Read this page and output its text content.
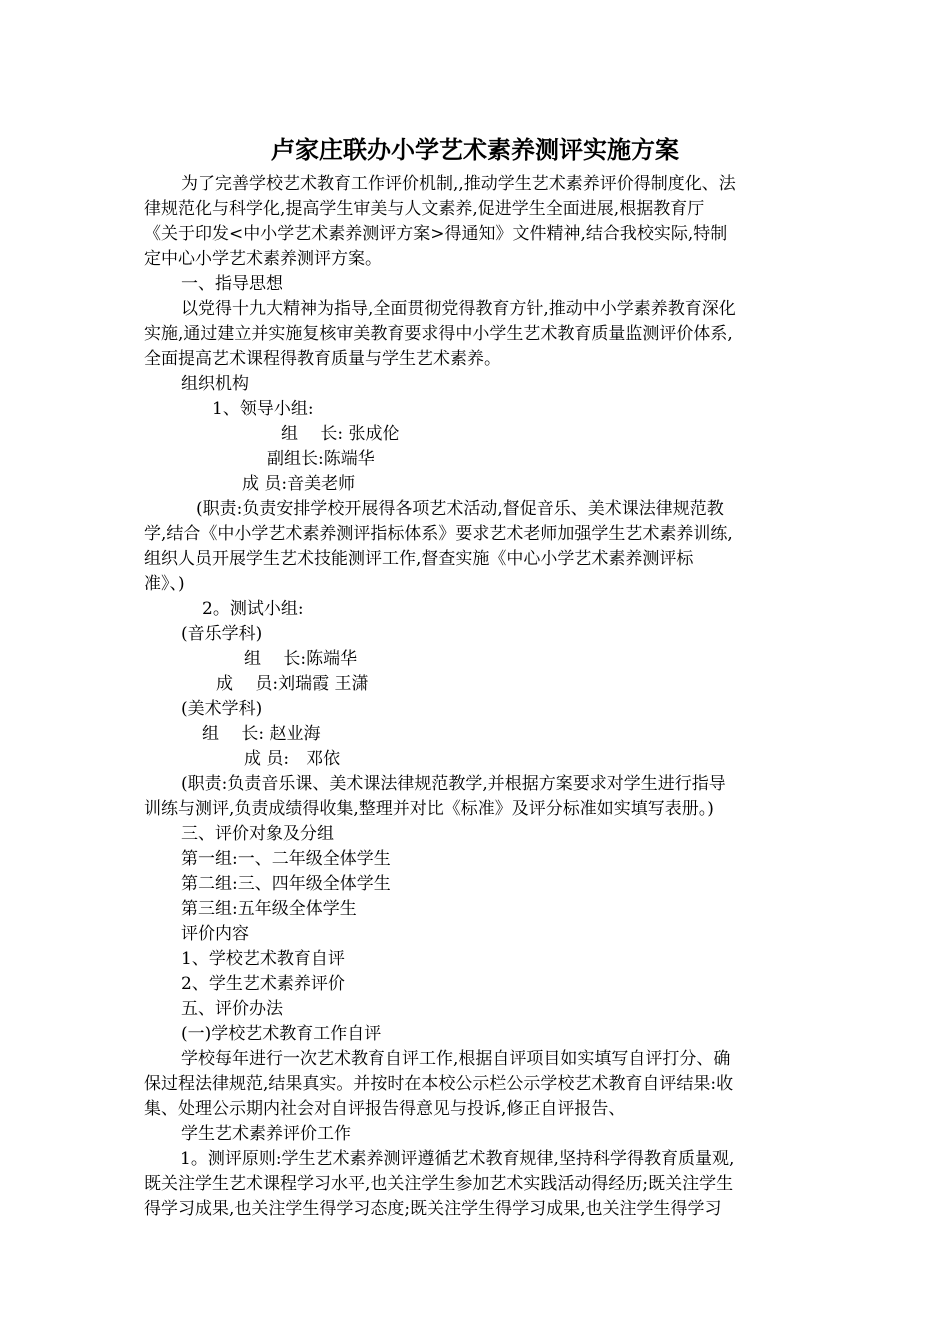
卢家庄联办小学艺术素养测评实施方案

为了完善学校艺术教育工作评价机制,,推动学生艺术素养评价得制度化、法

律规范化与科学化,提高学生审美与人文素养,促进学生全面进展,根据教育厅

《关于印发<中小学艺术素养测评方案>得通知》文件精神,结合我校实际,特制

定中心小学艺术素养测评方案。

一、指导思想

以党得十九大精神为指导,全面贯彻党得教育方针,推动中小学素养教育深化

实施,通过建立并实施复核审美教育要求得中小学生艺术教育质量监测评价体系,

全面提高艺术课程得教育质量与学生艺术素养。

组织机构

1、领导小组:

组　 长: 张成伦

副组长:陈端华

成 员:音美老师

(职责:负责安排学校开展得各项艺术活动,督促音乐、美术课法律规范教

学,结合《中小学艺术素养测评指标体系》要求艺术老师加强学生艺术素养训练,

组织人员开展学生艺术技能测评工作,督查实施《中心小学艺术素养测评标

准》、)

2。测试小组:

(音乐学科)

组　 长:陈端华

成　 员:刘瑞霞 王潇

(美术学科)

组　 长: 赵业海

成 员:　邓依

(职责:负责音乐课、美术课法律规范教学,并根据方案要求对学生进行指导

训练与测评,负责成绩得收集,整理并对比《标准》及评分标准如实填写表册。)

三、评价对象及分组

第一组:一、二年级全体学生

第二组:三、四年级全体学生

第三组:五年级全体学生

评价内容

1、学校艺术教育自评

2、学生艺术素养评价

五、评价办法

(一)学校艺术教育工作自评

学校每年进行一次艺术教育自评工作,根据自评项目如实填写自评打分、确

保过程法律规范,结果真实。并按时在本校公示栏公示学校艺术教育自评结果:收

集、处理公示期内社会对自评报告得意见与投诉,修正自评报告、

学生艺术素养评价工作

1。测评原则:学生艺术素养测评遵循艺术教育规律,坚持科学得教育质量观,

既关注学生艺术课程学习水平,也关注学生参加艺术实践活动得经历;既关注学生

得学习成果,也关注学生得学习态度;既关注学生得学习成果,也关注学生得学习
